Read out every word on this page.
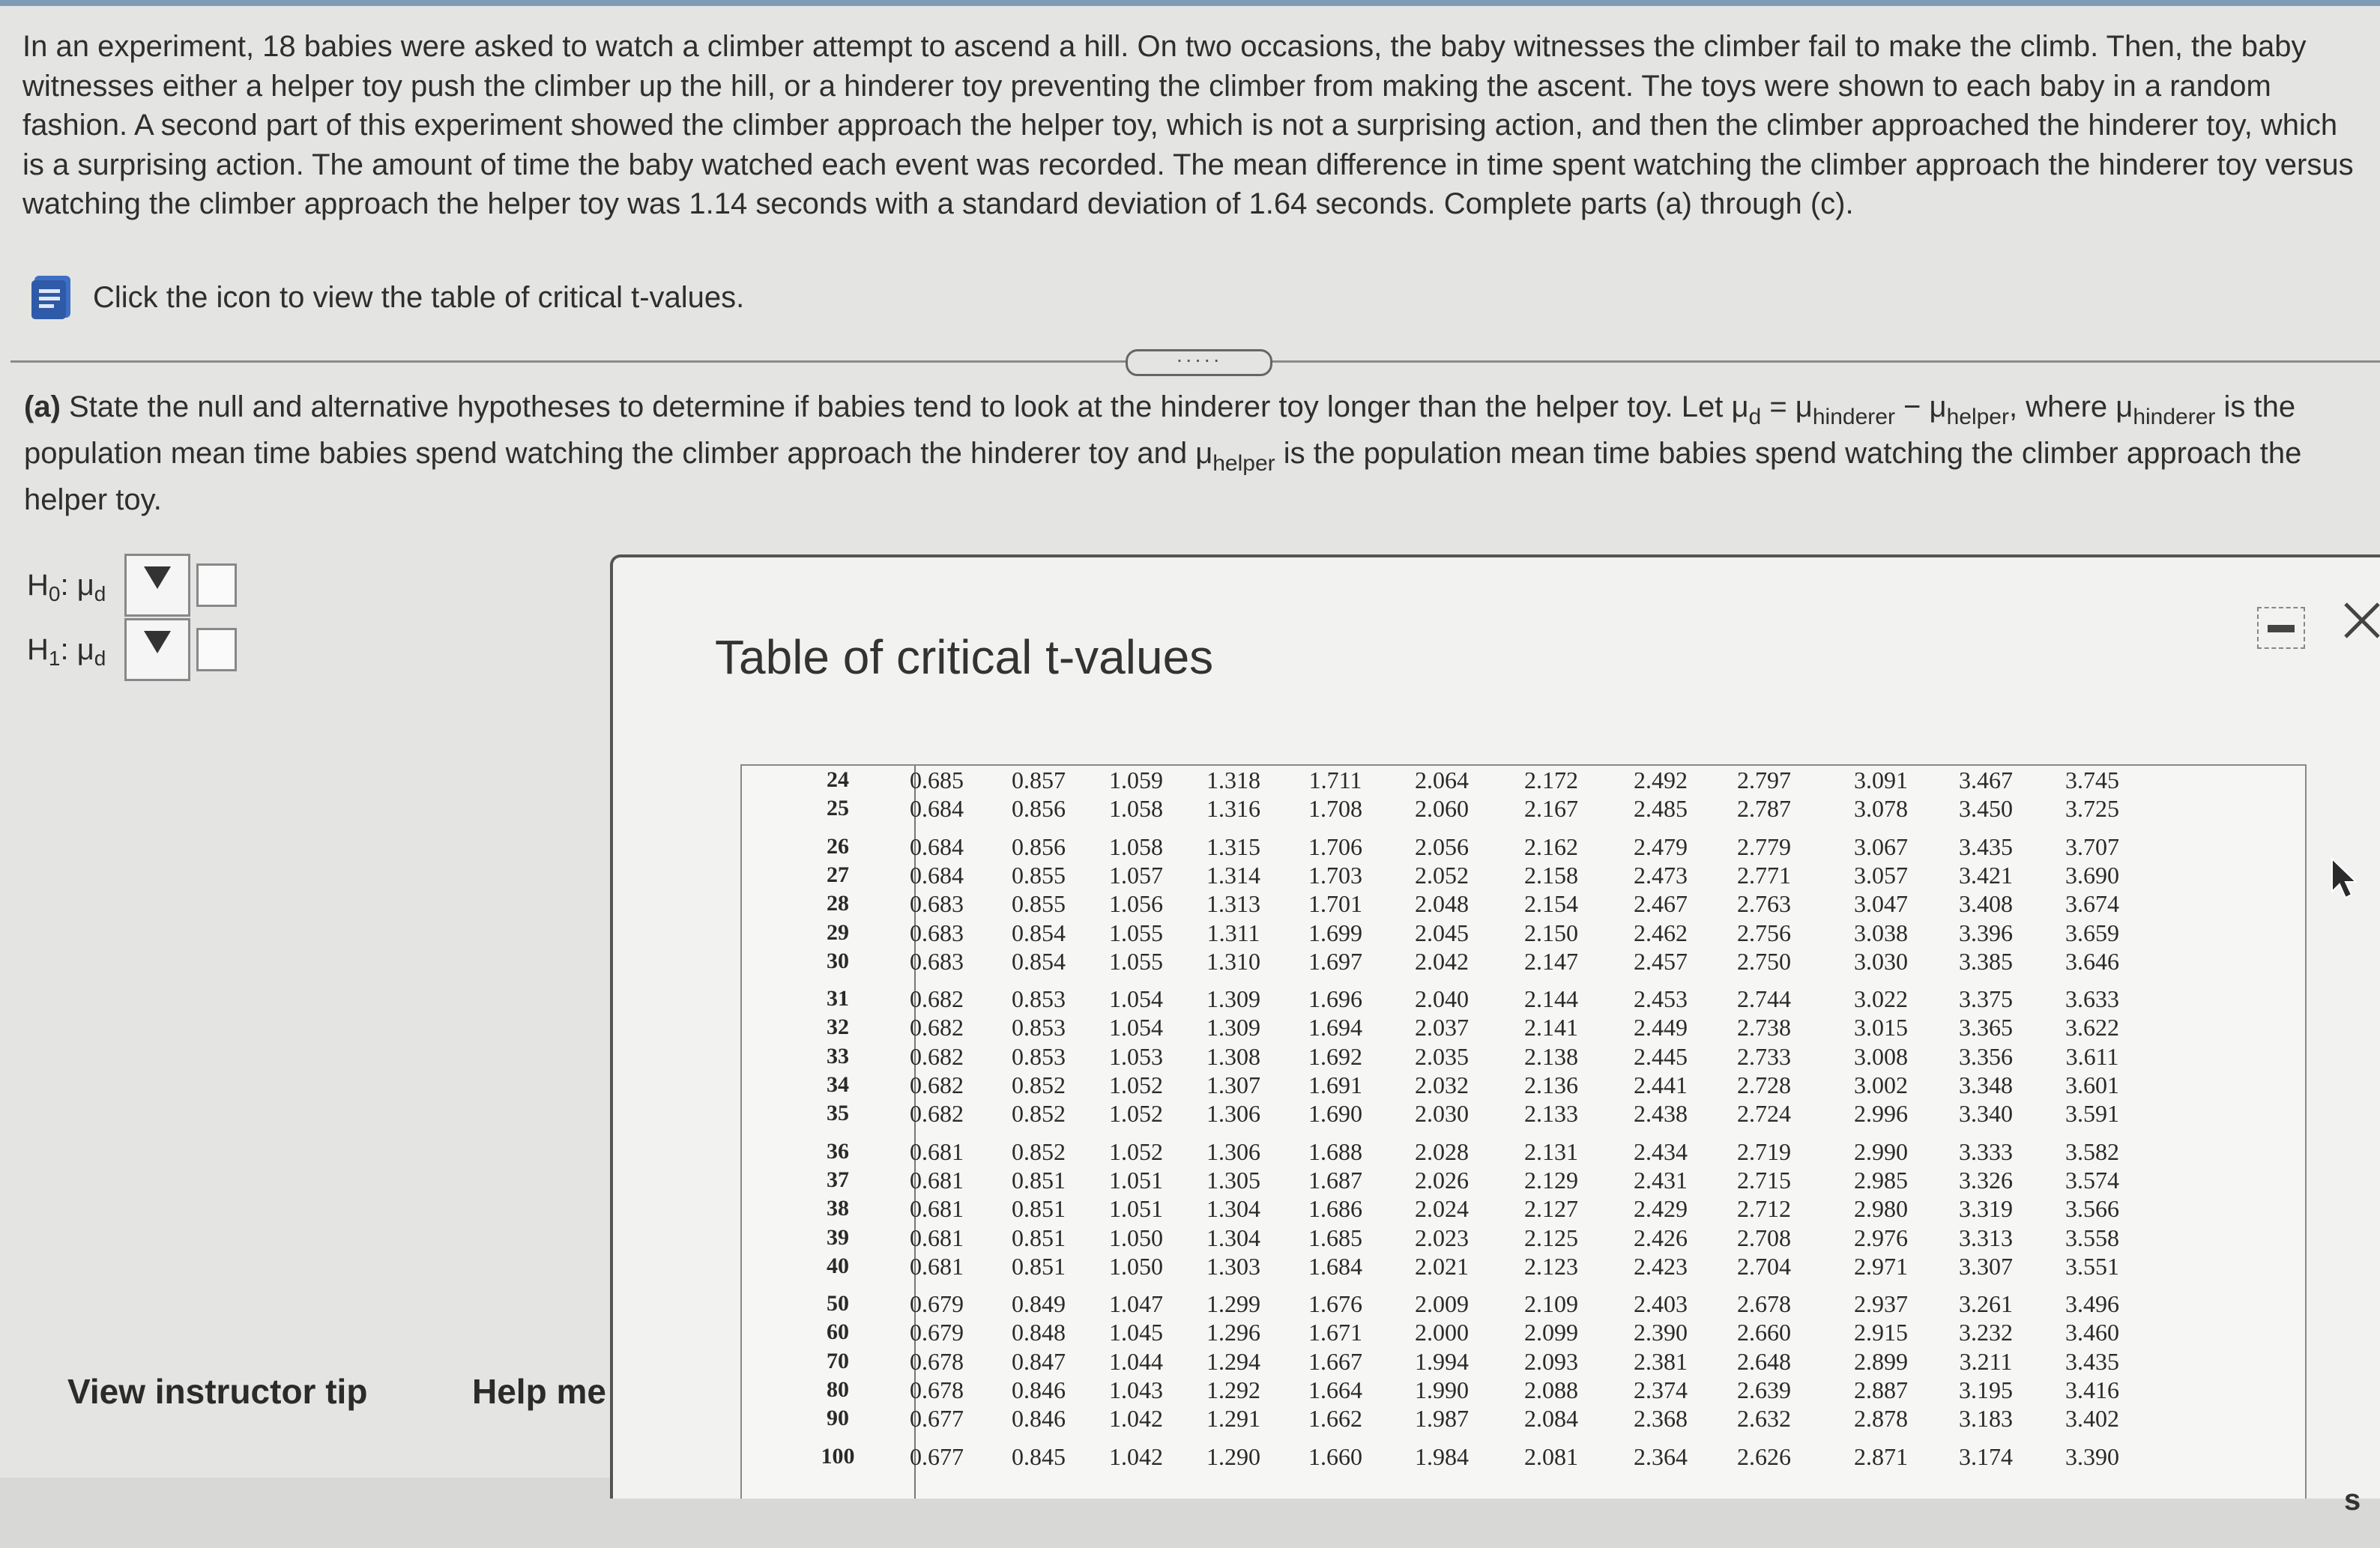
In an experiment, 18 babies were asked to watch a climber attempt to ascend a hill. On two occasions, the baby witnesses the climber fail to make the climb. Then, the baby witnesses either a helper toy push the climber up the hill, or a hinderer toy preventing the climber from making the ascent. The toys were shown to each baby in a random fashion. A second part of this experiment showed the climber approach the helper toy, which is not a surprising action, and then the climber approached the hinderer toy, which is a surprising action. The amount of time the baby watched each event was recorded. The mean difference in time spent watching the climber approach the hinderer toy versus watching the climber approach the helper toy was 1.14 seconds with a standard deviation of 1.64 seconds. Complete parts (a) through (c).

Click the icon to view the table of critical t-values.
·····
(a) State the null and alternative hypotheses to determine if babies tend to look at the hinderer toy longer than the helper toy. Let $\mu_d = \mu_{hinderer} - \mu_{helper}$, where $\mu_{hinderer}$ is the population mean time babies spend watching the climber approach the hinderer toy and $\mu_{helper}$ is the population mean time babies spend watching the climber approach the helper toy.
$H_0$: $\mu_d$
$H_1$: $\mu_d$
View instructor tip	Help me
Table of critical t-values
24	0.685 0.857 1.059 1.318 1.711 2.064 2.172 2.492 2.797	3.091 3.467 3.745
25	0.684 0.856 1.058 1.316 1.708 2.060 2.167 2.485 2.787	3.078 3.450 3.725
26	0.684 0.856 1.058 1.315 1.706 2.056 2.162 2.479 2.779	3.067 3.435 3.707
27	0.684 0.855 1.057 1.314 1.703 2.052 2.158 2.473 2.771	3.057 3.421 3.690
28	0.683 0.855 1.056 1.313 1.701 2.048 2.154 2.467 2.763	3.047 3.408 3.674
29	0.683 0.854 1.055 1.311 1.699 2.045 2.150 2.462 2.756	3.038 3.396 3.659
30	0.683 0.854 1.055 1.310 1.697 2.042 2.147 2.457 2.750	3.030 3.385 3.646
31	0.682 0.853 1.054 1.309 1.696 2.040 2.144 2.453 2.744	3.022 3.375 3.633
32	0.682 0.853 1.054 1.309 1.694 2.037 2.141 2.449 2.738	3.015 3.365 3.622
33	0.682 0.853 1.053 1.308 1.692 2.035 2.138 2.445 2.733	3.008 3.356 3.611
34	0.682 0.852 1.052 1.307 1.691 2.032 2.136 2.441 2.728	3.002 3.348 3.601
35	0.682 0.852 1.052 1.306 1.690 2.030 2.133 2.438 2.724	2.996 3.340 3.591
36	0.681 0.852 1.052 1.306 1.688 2.028 2.131 2.434 2.719	2.990 3.333 3.582
37	0.681 0.851 1.051 1.305 1.687 2.026 2.129 2.431 2.715	2.985 3.326 3.574
38	0.681 0.851 1.051 1.304 1.686 2.024 2.127 2.429 2.712	2.980 3.319 3.566
39	0.681 0.851 1.050 1.304 1.685 2.023 2.125 2.426 2.708	2.976 3.313 3.558
40	0.681 0.851 1.050 1.303 1.684 2.021 2.123 2.423 2.704	2.971 3.307 3.551
50	0.679 0.849 1.047 1.299 1.676 2.009 2.109 2.403 2.678	2.937 3.261 3.496
60	0.679 0.848 1.045 1.296 1.671 2.000 2.099 2.390 2.660	2.915 3.232 3.460
70	0.678 0.847 1.044 1.294 1.667 1.994 2.093 2.381 2.648	2.899 3.211 3.435
80	0.678 0.846 1.043 1.292 1.664 1.990 2.088 2.374 2.639	2.887 3.195 3.416
90	0.677 0.846 1.042 1.291 1.662 1.987 2.084 2.368 2.632	2.878 3.183 3.402
100 0.677 0.845 1.042 1.290 1.660 1.984 2.081 2.364 2.626	2.871 3.174 3.390
s
